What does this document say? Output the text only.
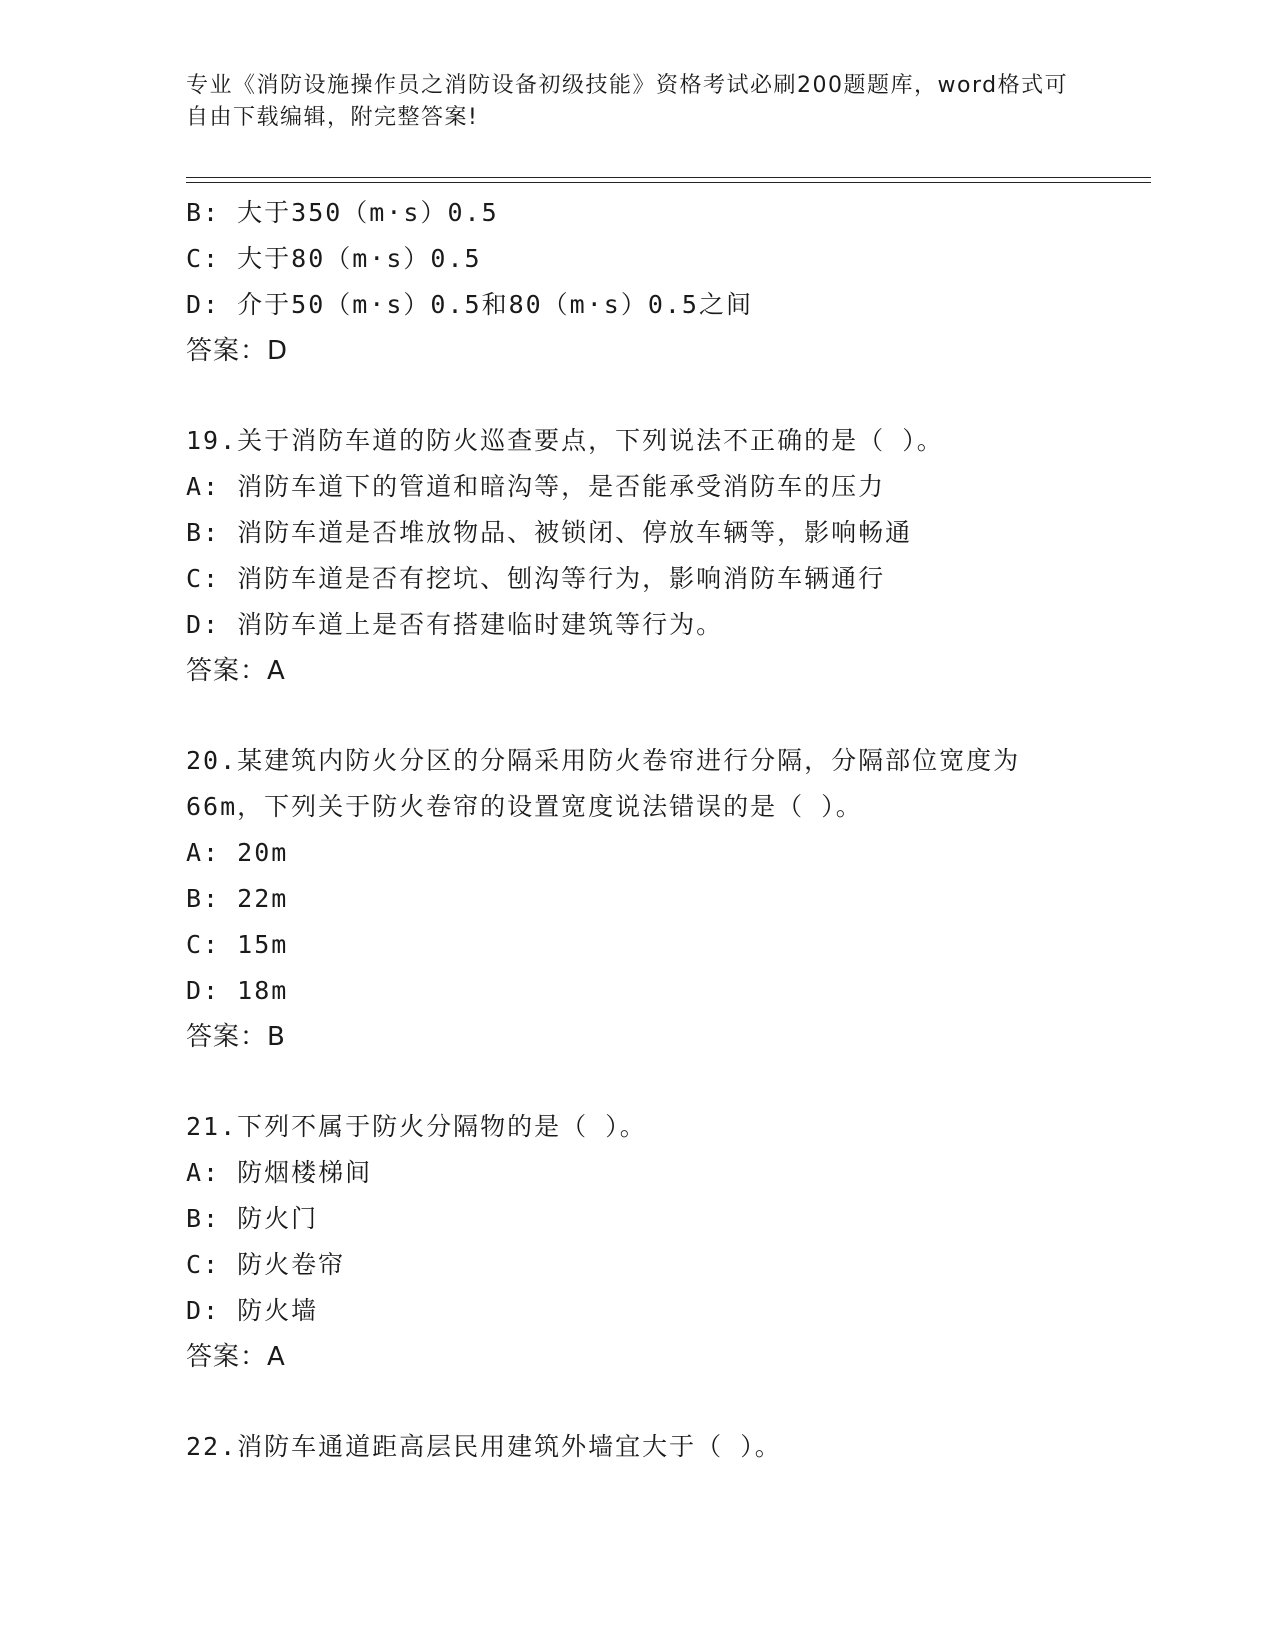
专业《消防设施操作员之消防设备初级技能》资格考试必刷200题题库，word格式可自由下载编辑，附完整答案!
B: 大于350（m·s）0.5
C: 大于80（m·s）0.5
D: 介于50（m·s）0.5和80（m·s）0.5之间
答案：D
19.关于消防车道的防火巡查要点，下列说法不正确的是（ ）。
A: 消防车道下的管道和暗沟等，是否能承受消防车的压力
B: 消防车道是否堆放物品、被锁闭、停放车辆等，影响畅通
C: 消防车道是否有挖坑、刨沟等行为，影响消防车辆通行
D: 消防车道上是否有搭建临时建筑等行为。
答案：A
20.某建筑内防火分区的分隔采用防火卷帘进行分隔，分隔部位宽度为
66m，下列关于防火卷帘的设置宽度说法错误的是（ ）。
A: 20m
B: 22m
C: 15m
D: 18m
答案：B
21.下列不属于防火分隔物的是（ ）。
A: 防烟楼梯间
B: 防火门
C: 防火卷帘
D: 防火墙
答案：A
22.消防车通道距高层民用建筑外墙宜大于（ ）。
